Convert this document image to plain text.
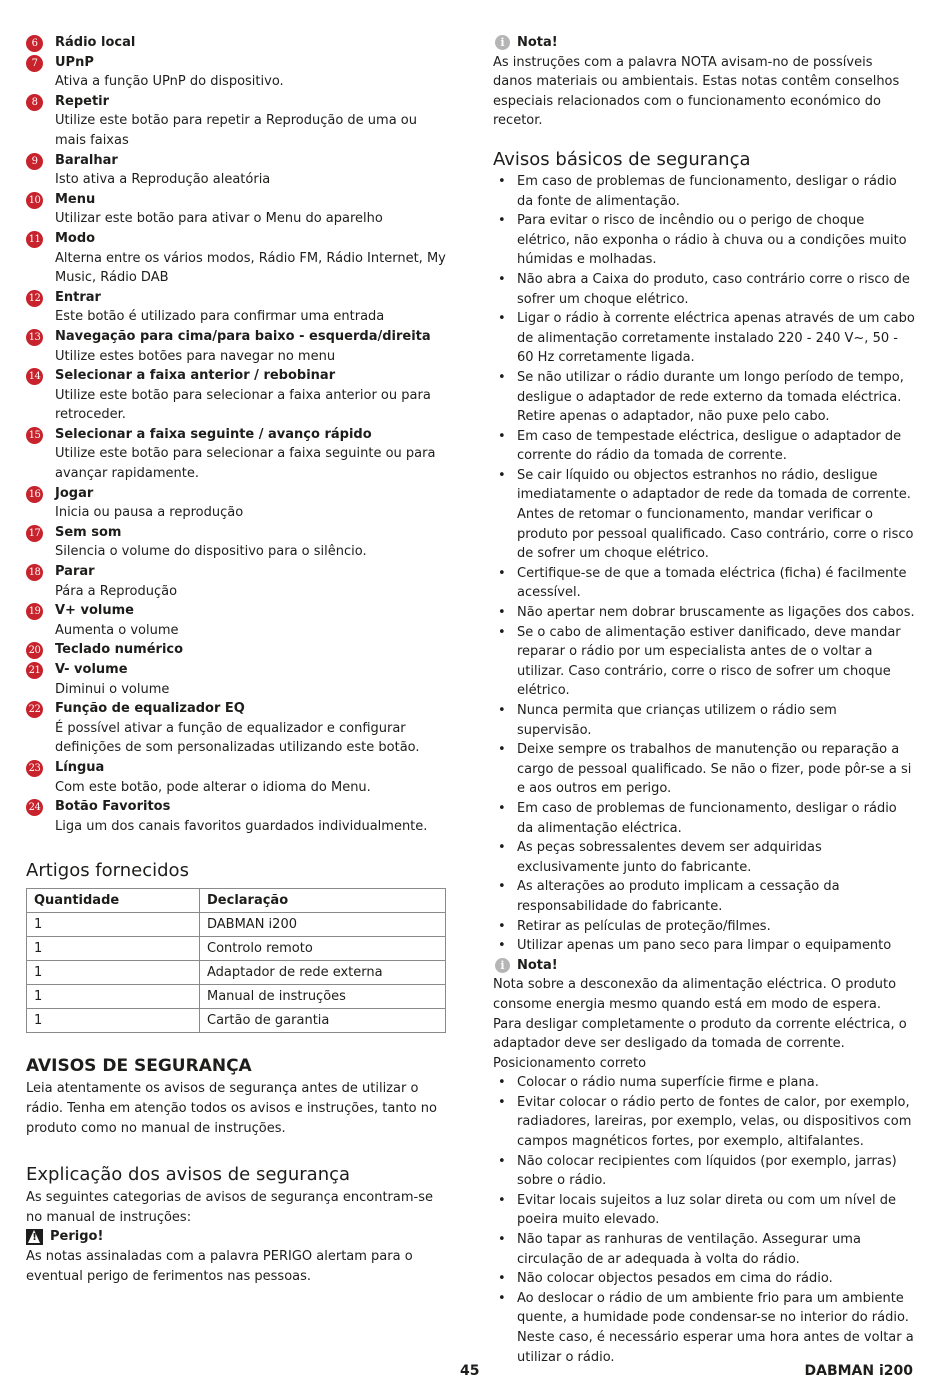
6	Rádio local
7	UPnP
Ativa a função UPnP do dispositivo.
8	Repetir
Utilize este botão para repetir a Reprodução de uma ou mais faixas
9	Baralhar
Isto ativa a Reprodução aleatória
10 Menu
Utilizar este botão para ativar o Menu do aparelho
11 Modo
Alterna entre os vários modos, Rádio FM, Rádio Internet, My Music, Rádio DAB
12 Entrar
Este botão é utilizado para confirmar uma entrada
13 Navegação para cima/para baixo - esquerda/direita
Utilize estes botões para navegar no menu
14 Selecionar a faixa anterior / rebobinar
Utilize este botão para selecionar a faixa anterior ou para retroceder.
15 Selecionar a faixa seguinte / avanço rápido
Utilize este botão para selecionar a faixa seguinte ou para avançar rapidamente.
16 Jogar
Inicia ou pausa a reprodução
17 Sem som
Silencia o volume do dispositivo para o silêncio.
18 Parar
Pára a Reprodução
19 V+ volume
Aumenta o volume
20 Teclado numérico
21 V- volume
Diminui o volume
22 Função de equalizador EQ
É possível ativar a função de equalizador e configurar definições de som personalizadas utilizando este botão.
23 Língua
Com este botão, pode alterar o idioma do Menu.
24 Botão Favoritos
Liga um dos canais favoritos guardados individualmente.
Artigos fornecidos
Quantidade	Declaração
1	DABMAN i200
1	Controlo remoto
1	Adaptador de rede externa
1	Manual de instruções
1	Cartão de garantia
AVISOS DE SEGURANÇA

Leia atentamente os avisos de segurança antes de utilizar o rádio. Tenha em atenção todos os avisos e instruções, tanto no produto como no manual de instruções.

Explicação dos avisos de segurança

As seguintes categorias de avisos de segurança encontram-se no manual de instruções:

!
Perigo!

As notas assinaladas com a palavra PERIGO alertam para o eventual perigo de ferimentos nas pessoas.

i Nota!

As instruções com a palavra NOTA avisam-no de possíveis danos materiais ou ambientais. Estas notas contêm conselhos especiais relacionados com o funcionamento económico do recetor.

Avisos básicos de segurança
• Em caso de problemas de funcionamento, desligar o rádio da fonte de alimentação.
• Para evitar o risco de incêndio ou o perigo de choque elétrico, não exponha o rádio à chuva ou a condições muito húmidas e molhadas.
• Não abra a Caixa do produto, caso contrário corre o risco de sofrer um choque elétrico.
• Ligar o rádio à corrente eléctrica apenas através de um cabo de alimentação corretamente instalado 220 - 240 V~, 50 - 60 Hz corretamente ligada.
• Se não utilizar o rádio durante um longo período de tempo, desligue o adaptador de rede externo da tomada eléctrica. Retire apenas o adaptador, não puxe pelo cabo.
• Em caso de tempestade eléctrica, desligue o adaptador de corrente do rádio da tomada de corrente.
• Se cair líquido ou objectos estranhos no rádio, desligue imediatamente o adaptador de rede da tomada de corrente. Antes de retomar o funcionamento, mandar verificar o produto por pessoal qualificado. Caso contrário, corre o risco de sofrer um choque elétrico.
• Certifique-se de que a tomada eléctrica (ficha) é facilmente acessível.
• Não apertar nem dobrar bruscamente as ligações dos cabos.
• Se o cabo de alimentação estiver danificado, deve mandar reparar o rádio por um especialista antes de o voltar a utilizar. Caso contrário, corre o risco de sofrer um choque elétrico.
• Nunca permita que crianças utilizem o rádio sem supervisão.
• Deixe sempre os trabalhos de manutenção ou reparação a cargo de pessoal qualificado. Se não o fizer, pode pôr-se a si e aos outros em perigo.
• Em caso de problemas de funcionamento, desligar o rádio da alimentação eléctrica.
• As peças sobressalentes devem ser adquiridas exclusivamente junto do fabricante.
• As alterações ao produto implicam a cessação da responsabilidade do fabricante.
• Retirar as películas de proteção/filmes.
• Utilizar apenas um pano seco para limpar o equipamento
i Nota!

Nota sobre a desconexão da alimentação eléctrica. O produto consome energia mesmo quando está em modo de espera.

Para desligar completamente o produto da corrente eléctrica, o adaptador deve ser desligado da tomada de corrente.

Posicionamento correto

• Colocar o rádio numa superfície firme e plana.
• Evitar colocar o rádio perto de fontes de calor, por exemplo, radiadores, lareiras, por exemplo, velas, ou dispositivos com campos magnéticos fortes, por exemplo, altifalantes.
• Não colocar recipientes com líquidos (por exemplo, jarras) sobre o rádio.
• Evitar locais sujeitos a luz solar direta ou com um nível de poeira muito elevado.
• Não tapar as ranhuras de ventilação. Assegurar uma circulação de ar adequada à volta do rádio.
• Não colocar objectos pesados em cima do rádio.
• Ao deslocar o rádio de um ambiente frio para um ambiente quente, a humidade pode condensar-se no interior do rádio. Neste caso, é necessário esperar uma hora antes de voltar a utilizar o rádio.
45	DABMAN i200
